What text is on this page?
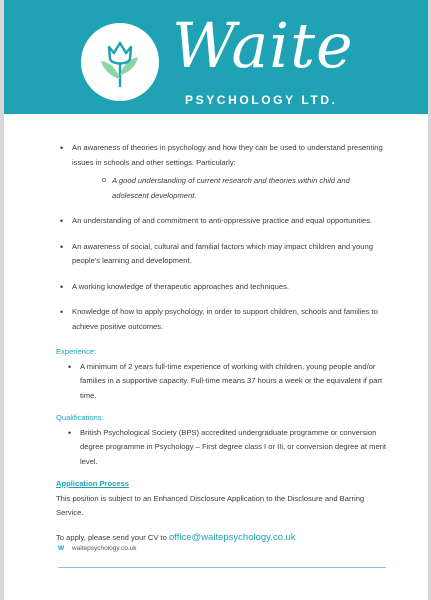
Waite
PSYCHOLOGY LTD.
• An awareness of theories in psychology and how they can be used to understand presenting issues in schools and other settings. Particularly:
o A good understanding of current research and theories within child and adolescent development.
• An understanding of and commitment to anti-oppressive practice and equal opportunities.
• An awareness of social, cultural and familial factors which may impact children and young people's learning and development.
• A working knowledge of therapeutic approaches and techniques.
• Knowledge of how to apply psychology, in order to support children, schools and families to achieve positive outcomes.
Experience:
• A minimum of 2 years full-time experience of working with children, young people and/or families in a supportive capacity. Full-time means 37 hours a week or the equivalent if part time.
Qualifications:
• British Psychological Society (BPS) accredited undergraduate programme or conversion degree programme in Psychology – First degree class I or IIi, or conversion degree at merit level.
Application Process

This position is subject to an Enhanced Disclosure Application to the Disclosure and Barring Service.

To apply, please send your CV to office@waitepsychology.co.uk

W waitepsychology.co.uk
